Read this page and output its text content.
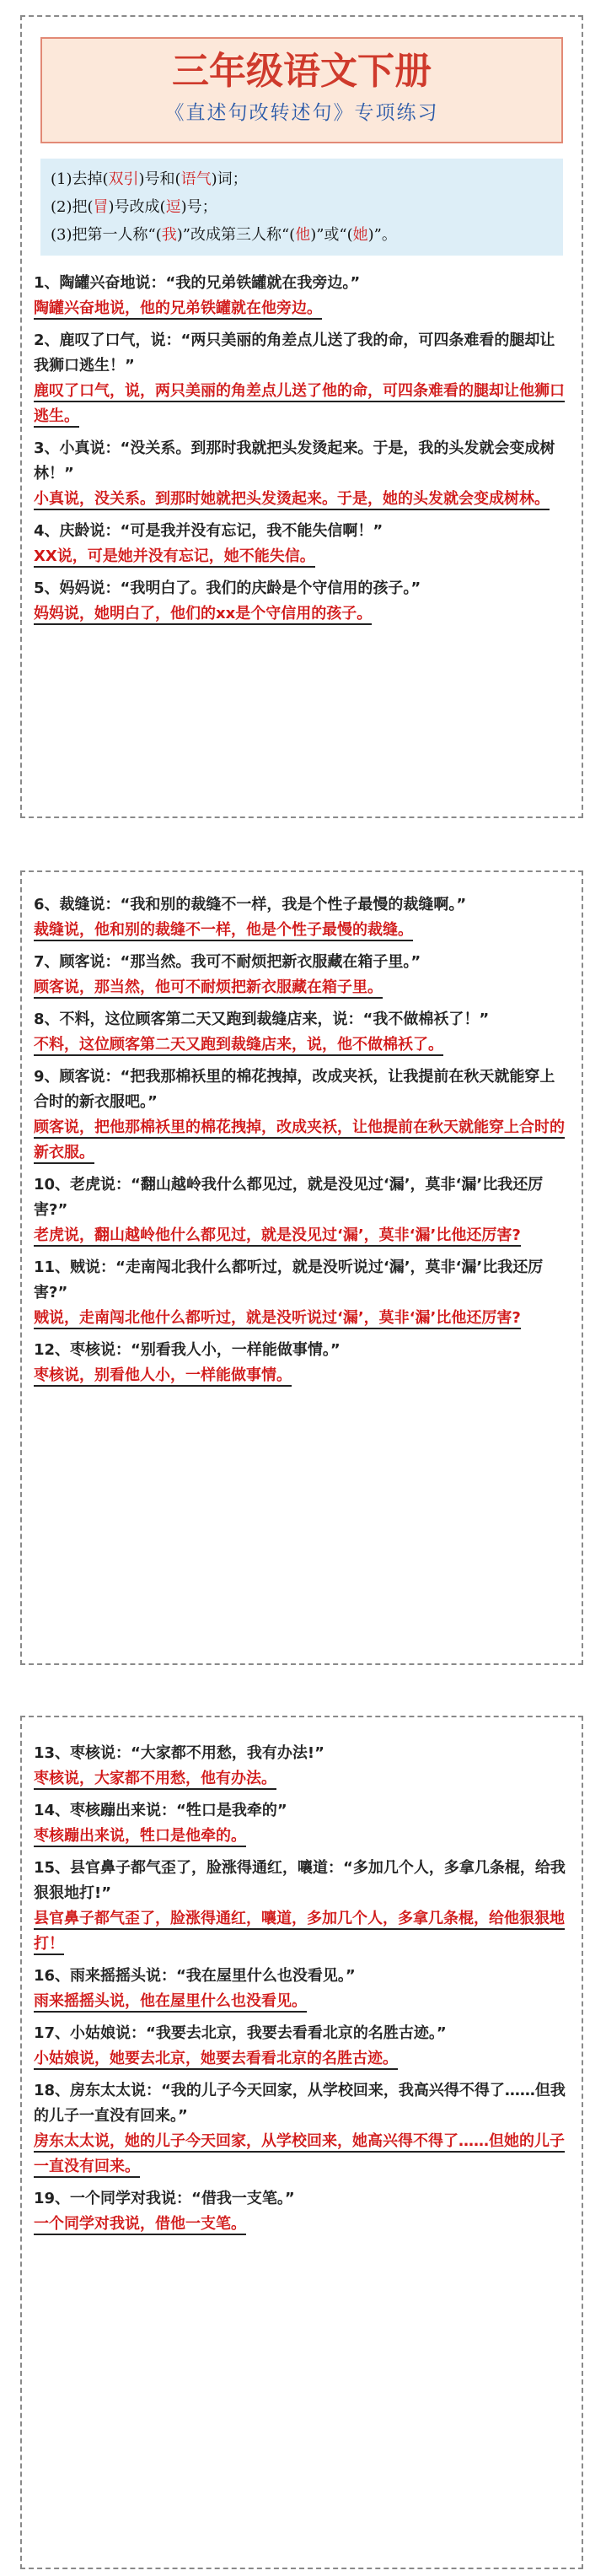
三年级语文下册
《直述句改转述句》专项练习
(1)去掉(双引)号和(语气)词；
(2)把(冒)号改成(逗)号；
(3)把第一人称“(我)”改成第三人称“(他)”或“(她)”。
1、陶罐兴奋地说：“我的兄弟铁罐就在我旁边。”
陶罐兴奋地说，他的兄弟铁罐就在他旁边。
2、鹿叹了口气，说：“两只美丽的角差点儿送了我的命，可四条难看的腿却让我狮口逃生！”
鹿叹了口气，说，两只美丽的角差点儿送了他的命，可四条难看的腿却让他狮口逃生。
3、小真说：“没关系。到那时我就把头发烫起来。于是，我的头发就会变成树林！”
小真说，没关系。到那时她就把头发烫起来。于是，她的头发就会变成树林。
4、庆龄说：“可是我并没有忘记，我不能失信啊！”
XX说，可是她并没有忘记，她不能失信。
5、妈妈说：“我明白了。我们的庆龄是个守信用的孩子。”
妈妈说，她明白了，他们的xx是个守信用的孩子。
6、裁缝说：“我和别的裁缝不一样，我是个性子最慢的裁缝啊。”
裁缝说，他和别的裁缝不一样，他是个性子最慢的裁缝。
7、顾客说：“那当然。我可不耐烦把新衣服藏在箱子里。”
顾客说，那当然，他可不耐烦把新衣服藏在箱子里。
8、不料，这位顾客第二天又跑到裁缝店来，说：“我不做棉袄了！”
不料，这位顾客第二天又跑到裁缝店来，说，他不做棉袄了。
9、顾客说：“把我那棉袄里的棉花拽掉，改成夹袄，让我提前在秋天就能穿上合时的新衣服吧。”
顾客说，把他那棉袄里的棉花拽掉，改成夹袄，让他提前在秋天就能穿上合时的新衣服。
10、老虎说：“翻山越岭我什么都见过，就是没见过‘漏’，莫非‘漏’比我还厉害?”
老虎说，翻山越岭他什么都见过，就是没见过‘漏’，莫非‘漏’比他还厉害?
11、贼说：“走南闯北我什么都听过，就是没听说过‘漏’，莫非‘漏’比我还厉害?”
贼说，走南闯北他什么都听过，就是没听说过‘漏’，莫非‘漏’比他还厉害?
12、枣核说：“别看我人小，一样能做事情。”
枣核说，别看他人小，一样能做事情。
13、枣核说：“大家都不用愁，我有办法!”
枣核说，大家都不用愁，他有办法。
14、枣核蹦出来说：“牲口是我牵的”
枣核蹦出来说，牲口是他牵的。
15、县官鼻子都气歪了，脸涨得通红，嚷道：“多加几个人，多拿几条棍，给我狠狠地打!”
县官鼻子都气歪了，脸涨得通红，嚷道，多加几个人，多拿几条棍，给他狠狠地打！
16、雨来摇摇头说：“我在屋里什么也没看见。”
雨来摇摇头说，他在屋里什么也没看见。
17、小姑娘说：“我要去北京，我要去看看北京的名胜古迹。”
小姑娘说，她要去北京，她要去看看北京的名胜古迹。
18、房东太太说：“我的儿子今天回家，从学校回来，我高兴得不得了……但我的儿子一直没有回来。”
房东太太说，她的儿子今天回家，从学校回来，她高兴得不得了……但她的儿子一直没有回来。
19、一个同学对我说：“借我一支笔。”
一个同学对我说，借他一支笔。
